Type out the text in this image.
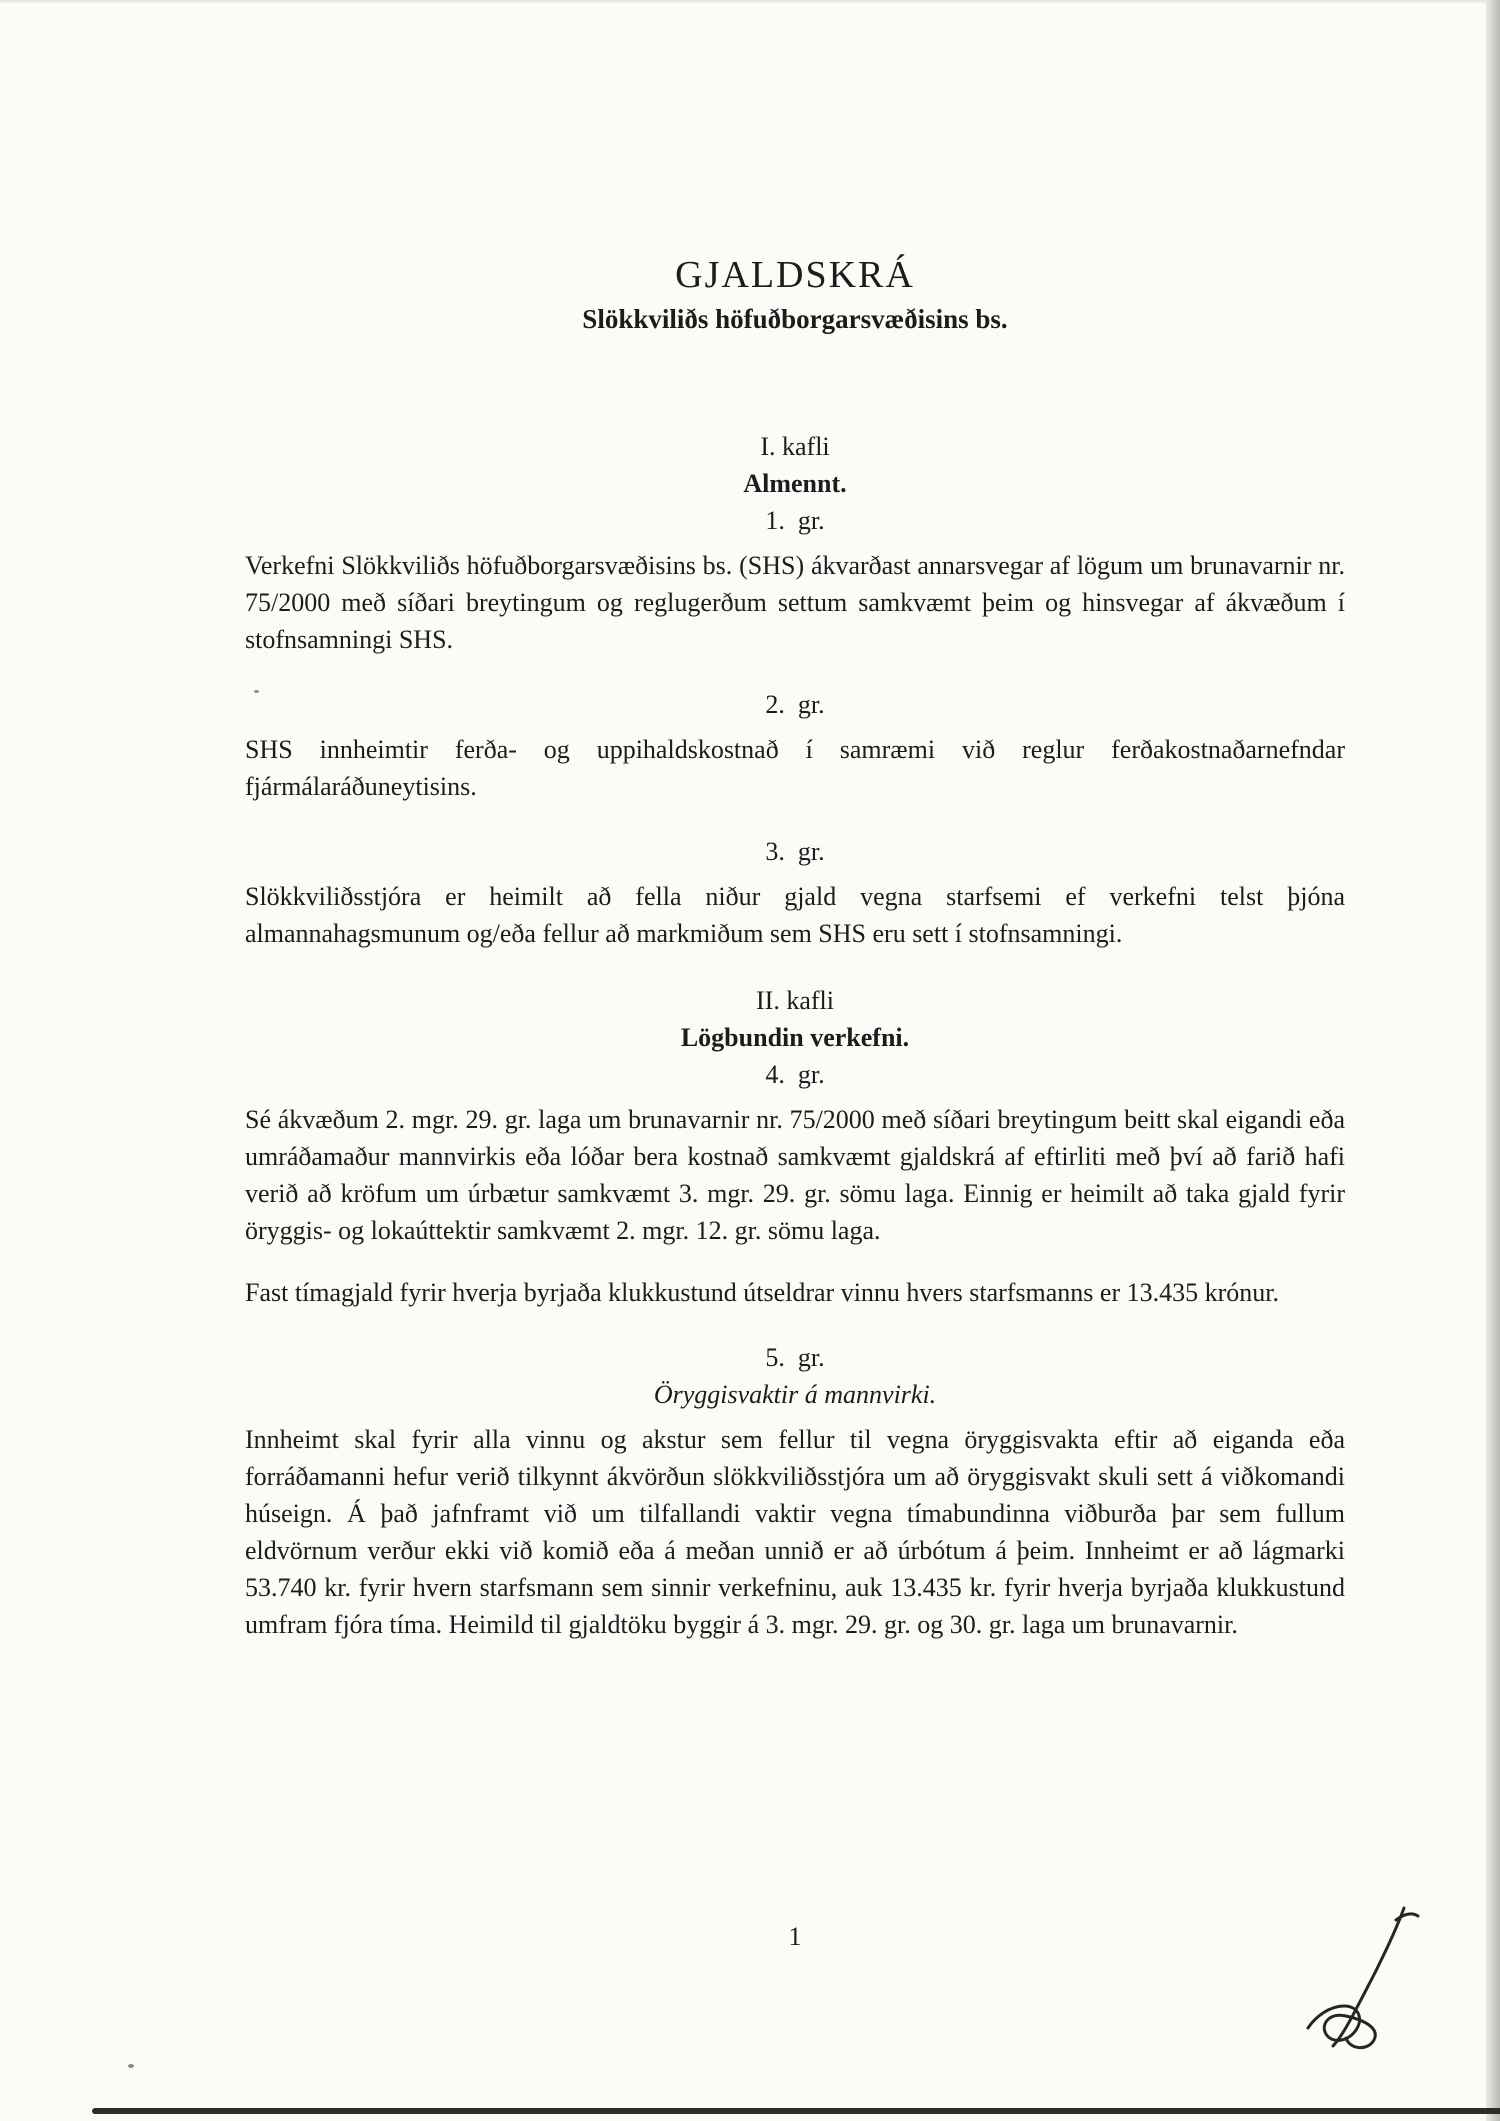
GJALDSKRÁ
Slökkviliðs höfuðborgarsvæðisins bs.
I. kafli
Almennt.
1.  gr.

Verkefni Slökkviliðs höfuðborgarsvæðisins bs. (SHS) ákvarðast annarsvegar af lögum um brunavarnir nr. 75/2000 með síðari breytingum og reglugerðum settum samkvæmt þeim og hinsvegar af ákvæðum í stofnsamningi SHS.

2.  gr.

SHS innheimtir ferða- og uppihaldskostnað í samræmi við reglur ferðakostnaðarnefndar fjármálaráðuneytisins.

3.  gr.

Slökkviliðsstjóra er heimilt að fella niður gjald vegna starfsemi ef verkefni telst þjóna almannahagsmunum og/eða fellur að markmiðum sem SHS eru sett í stofnsamningi.

II. kafli
Lögbundin verkefni.
4.  gr.

Sé ákvæðum 2. mgr. 29. gr. laga um brunavarnir nr. 75/2000 með síðari breytingum beitt skal eigandi eða umráðamaður mannvirkis eða lóðar bera kostnað samkvæmt gjaldskrá af eftirliti með því að farið hafi verið að kröfum um úrbætur samkvæmt 3. mgr. 29. gr. sömu laga. Einnig er heimilt að taka gjald fyrir öryggis- og lokaúttektir samkvæmt 2. mgr. 12. gr. sömu laga.

Fast tímagjald fyrir hverja byrjaða klukkustund útseldrar vinnu hvers starfsmanns er 13.435 krónur.

5.  gr.
Öryggisvaktir á mannvirki.

Innheimt skal fyrir alla vinnu og akstur sem fellur til vegna öryggisvakta eftir að eiganda eða forráðamanni hefur verið tilkynnt ákvörðun slökkviliðsstjóra um að öryggisvakt skuli sett á viðkomandi húseign. Á það jafnframt við um tilfallandi vaktir vegna tímabundinna viðburða þar sem fullum eldvörnum verður ekki við komið eða á meðan unnið er að úrbótum á þeim. Innheimt er að lágmarki 53.740 kr. fyrir hvern starfsmann sem sinnir verkefninu, auk 13.435 kr. fyrir hverja byrjaða klukkustund umfram fjóra tíma. Heimild til gjaldtöku byggir á 3. mgr. 29. gr. og 30. gr. laga um brunavarnir.

1
